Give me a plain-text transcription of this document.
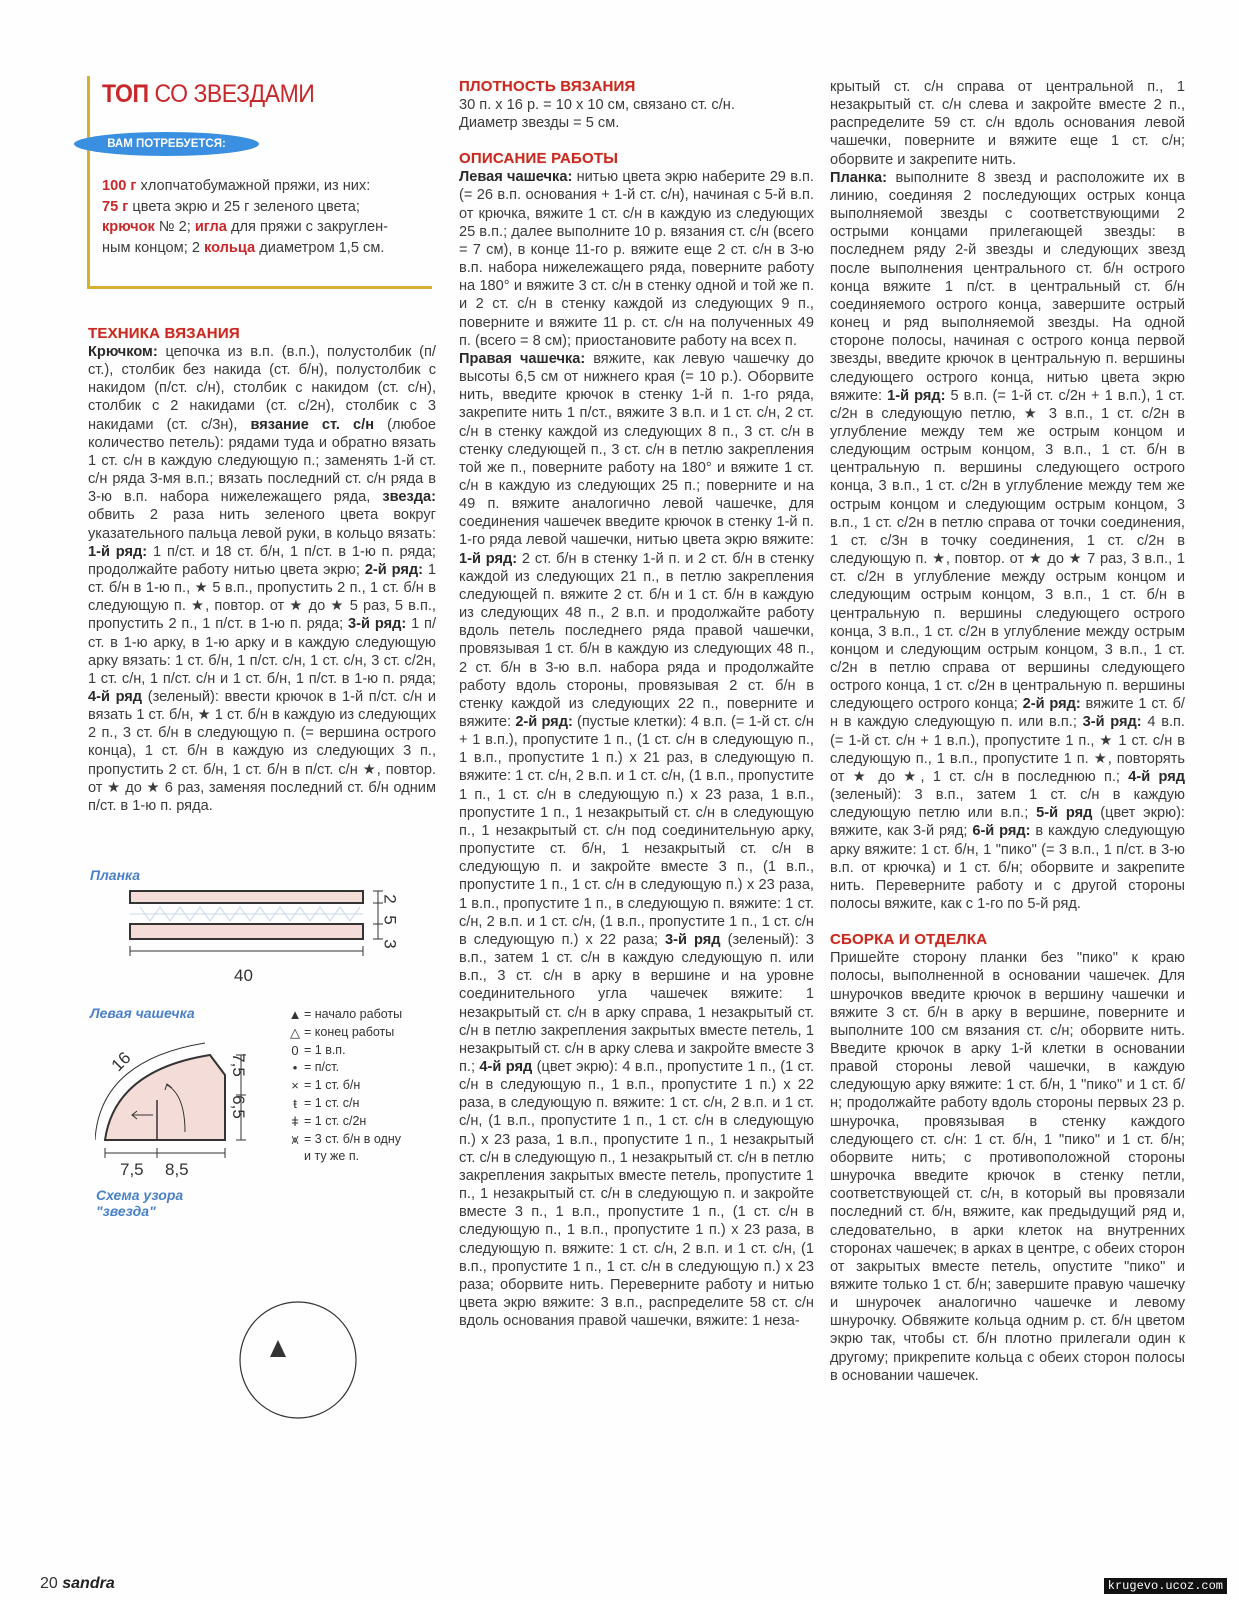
ТОП СО ЗВЕЗДАМИ
ВАМ ПОТРЕБУЕТСЯ:
100 г хлопчатобумажной пряжи, из них:
75 г цвета экрю и 25 г зеленого цвета;
крючок № 2; игла для пряжи с закруглен-
ным концом; 2 кольца диаметром 1,5 см.

ТЕХНИКА ВЯЗАНИЯ

Крючком: цепочка из в.п. (в.п.), полустолбик (п/ст.), столбик без накида (ст. б/н), полустолбик с накидом (п/ст. с/н), столбик с накидом (ст. с/н), столбик с 2 накидами (ст. с/2н), столбик с 3 накидами (ст. с/3н), вязание ст. с/н (любое количество петель): рядами туда и обратно вязать 1 ст. с/н в каждую следующую п.; заменять 1-й ст. с/н ряда 3-мя в.п.; вязать последний ст. с/н ряда в 3-ю в.п. набора нижележащего ряда, звезда: обвить 2 раза нить зеленого цвета вокруг указательного пальца левой руки, в кольцо вязать: 1-й ряд: 1 п/ст. и 18 ст. б/н, 1 п/ст. в 1-ю п. ряда; продолжайте работу нитью цвета экрю; 2-й ряд: 1 ст. б/н в 1-ю п., ★ 5 в.п., пропустить 2 п., 1 ст. б/н в следующую п. ★, повтор. от ★ до ★ 5 раз, 5 в.п., пропустить 2 п., 1 п/ст. в 1-ю п. ряда; 3-й ряд: 1 п/ст. в 1-ю арку, в 1-ю арку и в каждую следующую арку вязать: 1 ст. б/н, 1 п/ст. с/н, 1 ст. с/н, 3 ст. с/2н, 1 ст. с/н, 1 п/ст. с/н и 1 ст. б/н, 1 п/ст. в 1-ю п. ряда; 4-й ряд (зеленый): ввести крючок в 1-й п/ст. с/н и вязать 1 ст. б/н, ★ 1 ст. б/н в каждую из следующих 2 п., 3 ст. б/н в следующую п. (= вершина острого конца), 1 ст. б/н в каждую из следующих 3 п., пропустить 2 ст. б/н, 1 ст. б/н в п/ст. с/н ★, повтор. от ★ до ★ 6 раз, заменяя последний ст. б/н одним п/ст. в 1-ю п. ряда.

Планка
40
2
5
3
Левая чашечка
16	7,5
6,5
7,5 8,5
▲ = начало работы
△ = конец работы
0 = 1 в.п.
• = п/ст.
× = 1 ст. б/н
ŧ = 1 ст. с/н
ǂ = 1 ст. с/2н
⩙ = 3 ст. б/н в одну
и ту же п.
Схема узора
"звезда"

ПЛОТНОСТЬ ВЯЗАНИЯ

30 п. х 16 р. = 10 х 10 см, связано ст. с/н.
Диаметр звезды = 5 см.

ОПИСАНИЕ РАБОТЫ

Левая чашечка: нитью цвета экрю наберите 29 в.п. (= 26 в.п. основания + 1-й ст. с/н), начиная с 5-й в.п. от крючка, вяжите 1 ст. с/н в каждую из следующих 25 в.п.; далее выполните 10 р. вязания ст. с/н (всего = 7 см), в конце 11-го р. вяжите еще 2 ст. с/н в 3-ю в.п. набора нижележащего ряда, поверните работу на 180° и вяжите 3 ст. с/н в стенку одной и той же п. и 2 ст. с/н в стенку каждой из следующих 9 п., поверните и вяжите 11 р. ст. с/н на полученных 49 п. (всего = 8 см); приостановите работу на всех п.
Правая чашечка: вяжите, как левую чашечку до высоты 6,5 см от нижнего края (= 10 р.). Оборвите нить, введите крючок в стенку 1-й п. 1-го ряда, закрепите нить 1 п/ст., вяжите 3 в.п. и 1 ст. с/н, 2 ст. с/н в стенку каждой из следующих 8 п., 3 ст. с/н в стенку следующей п., 3 ст. с/н в петлю закрепления той же п., поверните работу на 180° и вяжите 1 ст. с/н в каждую из следующих 25 п.; поверните и на 49 п. вяжите аналогично левой чашечке, для соединения чашечек введите крючок в стенку 1-й п. 1-го ряда левой чашечки, нитью цвета экрю вяжите: 1-й ряд: 2 ст. б/н в стенку 1-й п. и 2 ст. б/н в стенку каждой из следующих 21 п., в петлю закрепления следующей п. вяжите 2 ст. б/н и 1 ст. б/н в каждую из следующих 48 п., 2 в.п. и продолжайте работу вдоль петель последнего ряда правой чашечки, провязывая 1 ст. б/н в каждую из следующих 48 п., 2 ст. б/н в 3-ю в.п. набора ряда и продолжайте работу вдоль стороны, провязывая 2 ст. б/н в стенку каждой из следующих 22 п., поверните и вяжите: 2-й ряд: (пустые клетки): 4 в.п. (= 1-й ст. с/н + 1 в.п.), пропустите 1 п., (1 ст. с/н в следующую п., 1 в.п., пропустите 1 п.) х 21 раз, в следующую п. вяжите: 1 ст. с/н, 2 в.п. и 1 ст. с/н, (1 в.п., пропустите 1 п., 1 ст. с/н в следующую п.) х 23 раза, 1 в.п., пропустите 1 п., 1 незакрытый ст. с/н в следующую п., 1 незакрытый ст. с/н под соединительную арку, пропустите ст. б/н, 1 незакрытый ст. с/н в следующую п. и закройте вместе 3 п., (1 в.п., пропустите 1 п., 1 ст. с/н в следующую п.) х 23 раза, 1 в.п., пропустите 1 п., в следующую п. вяжите: 1 ст. с/н, 2 в.п. и 1 ст. с/н, (1 в.п., пропустите 1 п., 1 ст. с/н в следующую п.) х 22 раза; 3-й ряд (зеленый): 3 в.п., затем 1 ст. с/н в каждую следующую п. или в.п., 3 ст. с/н в арку в вершине и на уровне соединительного угла чашечек вяжите: 1 незакрытый ст. с/н в арку справа, 1 незакрытый ст. с/н в петлю закрепления закрытых вместе петель, 1 незакрытый ст. с/н в арку слева и закройте вместе 3 п.; 4-й ряд (цвет экрю): 4 в.п., пропустите 1 п., (1 ст. с/н в следующую п., 1 в.п., пропустите 1 п.) х 22 раза, в следующую п. вяжите: 1 ст. с/н, 2 в.п. и 1 ст. с/н, (1 в.п., пропустите 1 п., 1 ст. с/н в следующую п.) х 23 раза, 1 в.п., пропустите 1 п., 1 незакрытый ст. с/н в следующую п., 1 незакрытый ст. с/н в петлю закрепления закрытых вместе петель, пропустите 1 п., 1 незакрытый ст. с/н в следующую п. и закройте вместе 3 п., 1 в.п., пропустите 1 п., (1 ст. с/н в следующую п., 1 в.п., пропустите 1 п.) х 23 раза, в следующую п. вяжите: 1 ст. с/н, 2 в.п. и 1 ст. с/н, (1 в.п., пропустите 1 п., 1 ст. с/н в следующую п.) х 23 раза; оборвите нить. Переверните работу и нитью цвета экрю вяжите: 3 в.п., распределите 58 ст. с/н вдоль основания правой чашечки, вяжите: 1 неза-

крытый ст. с/н справа от центральной п., 1 незакрытый ст. с/н слева и закройте вместе 2 п., распределите 59 ст. с/н вдоль основания левой чашечки, поверните и вяжите еще 1 ст. с/н; оборвите и закрепите нить.
Планка: выполните 8 звезд и расположите их в линию, соединяя 2 последующих острых конца выполняемой звезды с соответствующими 2 острыми концами прилегающей звезды: в последнем ряду 2-й звезды и следующих звезд после выполнения центрального ст. б/н острого конца вяжите 1 п/ст. в центральный ст. б/н соединяемого острого конца, завершите острый конец и ряд выполняемой звезды. На одной стороне полосы, начиная с острого конца первой звезды, введите крючок в центральную п. вершины следующего острого конца, нитью цвета экрю вяжите: 1-й ряд: 5 в.п. (= 1-й ст. с/2н + 1 в.п.), 1 ст. с/2н в следующую петлю, ★ 3 в.п., 1 ст. с/2н в углубление между тем же острым концом и следующим острым концом, 3 в.п., 1 ст. б/н в центральную п. вершины следующего острого конца, 3 в.п., 1 ст. с/2н в углубление между тем же острым концом и следующим острым концом, 3 в.п., 1 ст. с/2н в петлю справа от точки соединения, 1 ст. с/3н в точку соединения, 1 ст. с/2н в следующую п. ★, повтор. от ★ до ★ 7 раз, 3 в.п., 1 ст. с/2н в углубление между острым концом и следующим острым концом, 3 в.п., 1 ст. б/н в центральную п. вершины следующего острого конца, 3 в.п., 1 ст. с/2н в углубление между острым концом и следующим острым концом, 3 в.п., 1 ст. с/2н в петлю справа от вершины следующего острого конца, 1 ст. с/2н в центральную п. вершины следующего острого конца; 2-й ряд: вяжите 1 ст. б/н в каждую следующую п. или в.п.; 3-й ряд: 4 в.п. (= 1-й ст. с/н + 1 в.п.), пропустите 1 п., ★ 1 ст. с/н в следующую п., 1 в.п., пропустите 1 п. ★, повторять от ★ до ★, 1 ст. с/н в последнюю п.; 4-й ряд (зеленый): 3 в.п., затем 1 ст. с/н в каждую следующую петлю или в.п.; 5-й ряд (цвет экрю): вяжите, как 3-й ряд; 6-й ряд: в каждую следующую арку вяжите: 1 ст. б/н, 1 "пико" (= 3 в.п., 1 п/ст. в 3-ю в.п. от крючка) и 1 ст. б/н; оборвите и закрепите нить. Переверните работу и с другой стороны полосы вяжите, как с 1-го по 5-й ряд.

СБОРКА И ОТДЕЛКА

Пришейте сторону планки без "пико" к краю полосы, выполненной в основании чашечек. Для шнурочков введите крючок в вершину чашечки и вяжите 3 ст. б/н в арку в вершине, поверните и выполните 100 см вязания ст. с/н; оборвите нить. Введите крючок в арку 1-й клетки в основании правой стороны левой чашечки, в каждую следующую арку вяжите: 1 ст. б/н, 1 "пико" и 1 ст. б/н; продолжайте работу вдоль стороны первых 23 р. шнурочка, провязывая в стенку каждого следующего ст. с/н: 1 ст. б/н, 1 "пико" и 1 ст. б/н; оборвите нить; с противоположной стороны шнурочка введите крючок в стенку петли, соответствующей ст. с/н, в который вы провязали последний ст. б/н, вяжите, как предыдущий ряд и, следовательно, в арки клеток на внутренних сторонах чашечек; в арках в центре, с обеих сторон от закрытых вместе петель, опустите "пико" и вяжите только 1 ст. б/н; завершите правую чашечку и шнурочек аналогично чашечке и левому шнурочку. Обвяжите кольца одним р. ст. б/н цветом экрю так, чтобы ст. б/н плотно прилегали один к другому; прикрепите кольца с обеих сторон полосы в основании чашечек.

20 sandra	krugevo.ucoz.com
